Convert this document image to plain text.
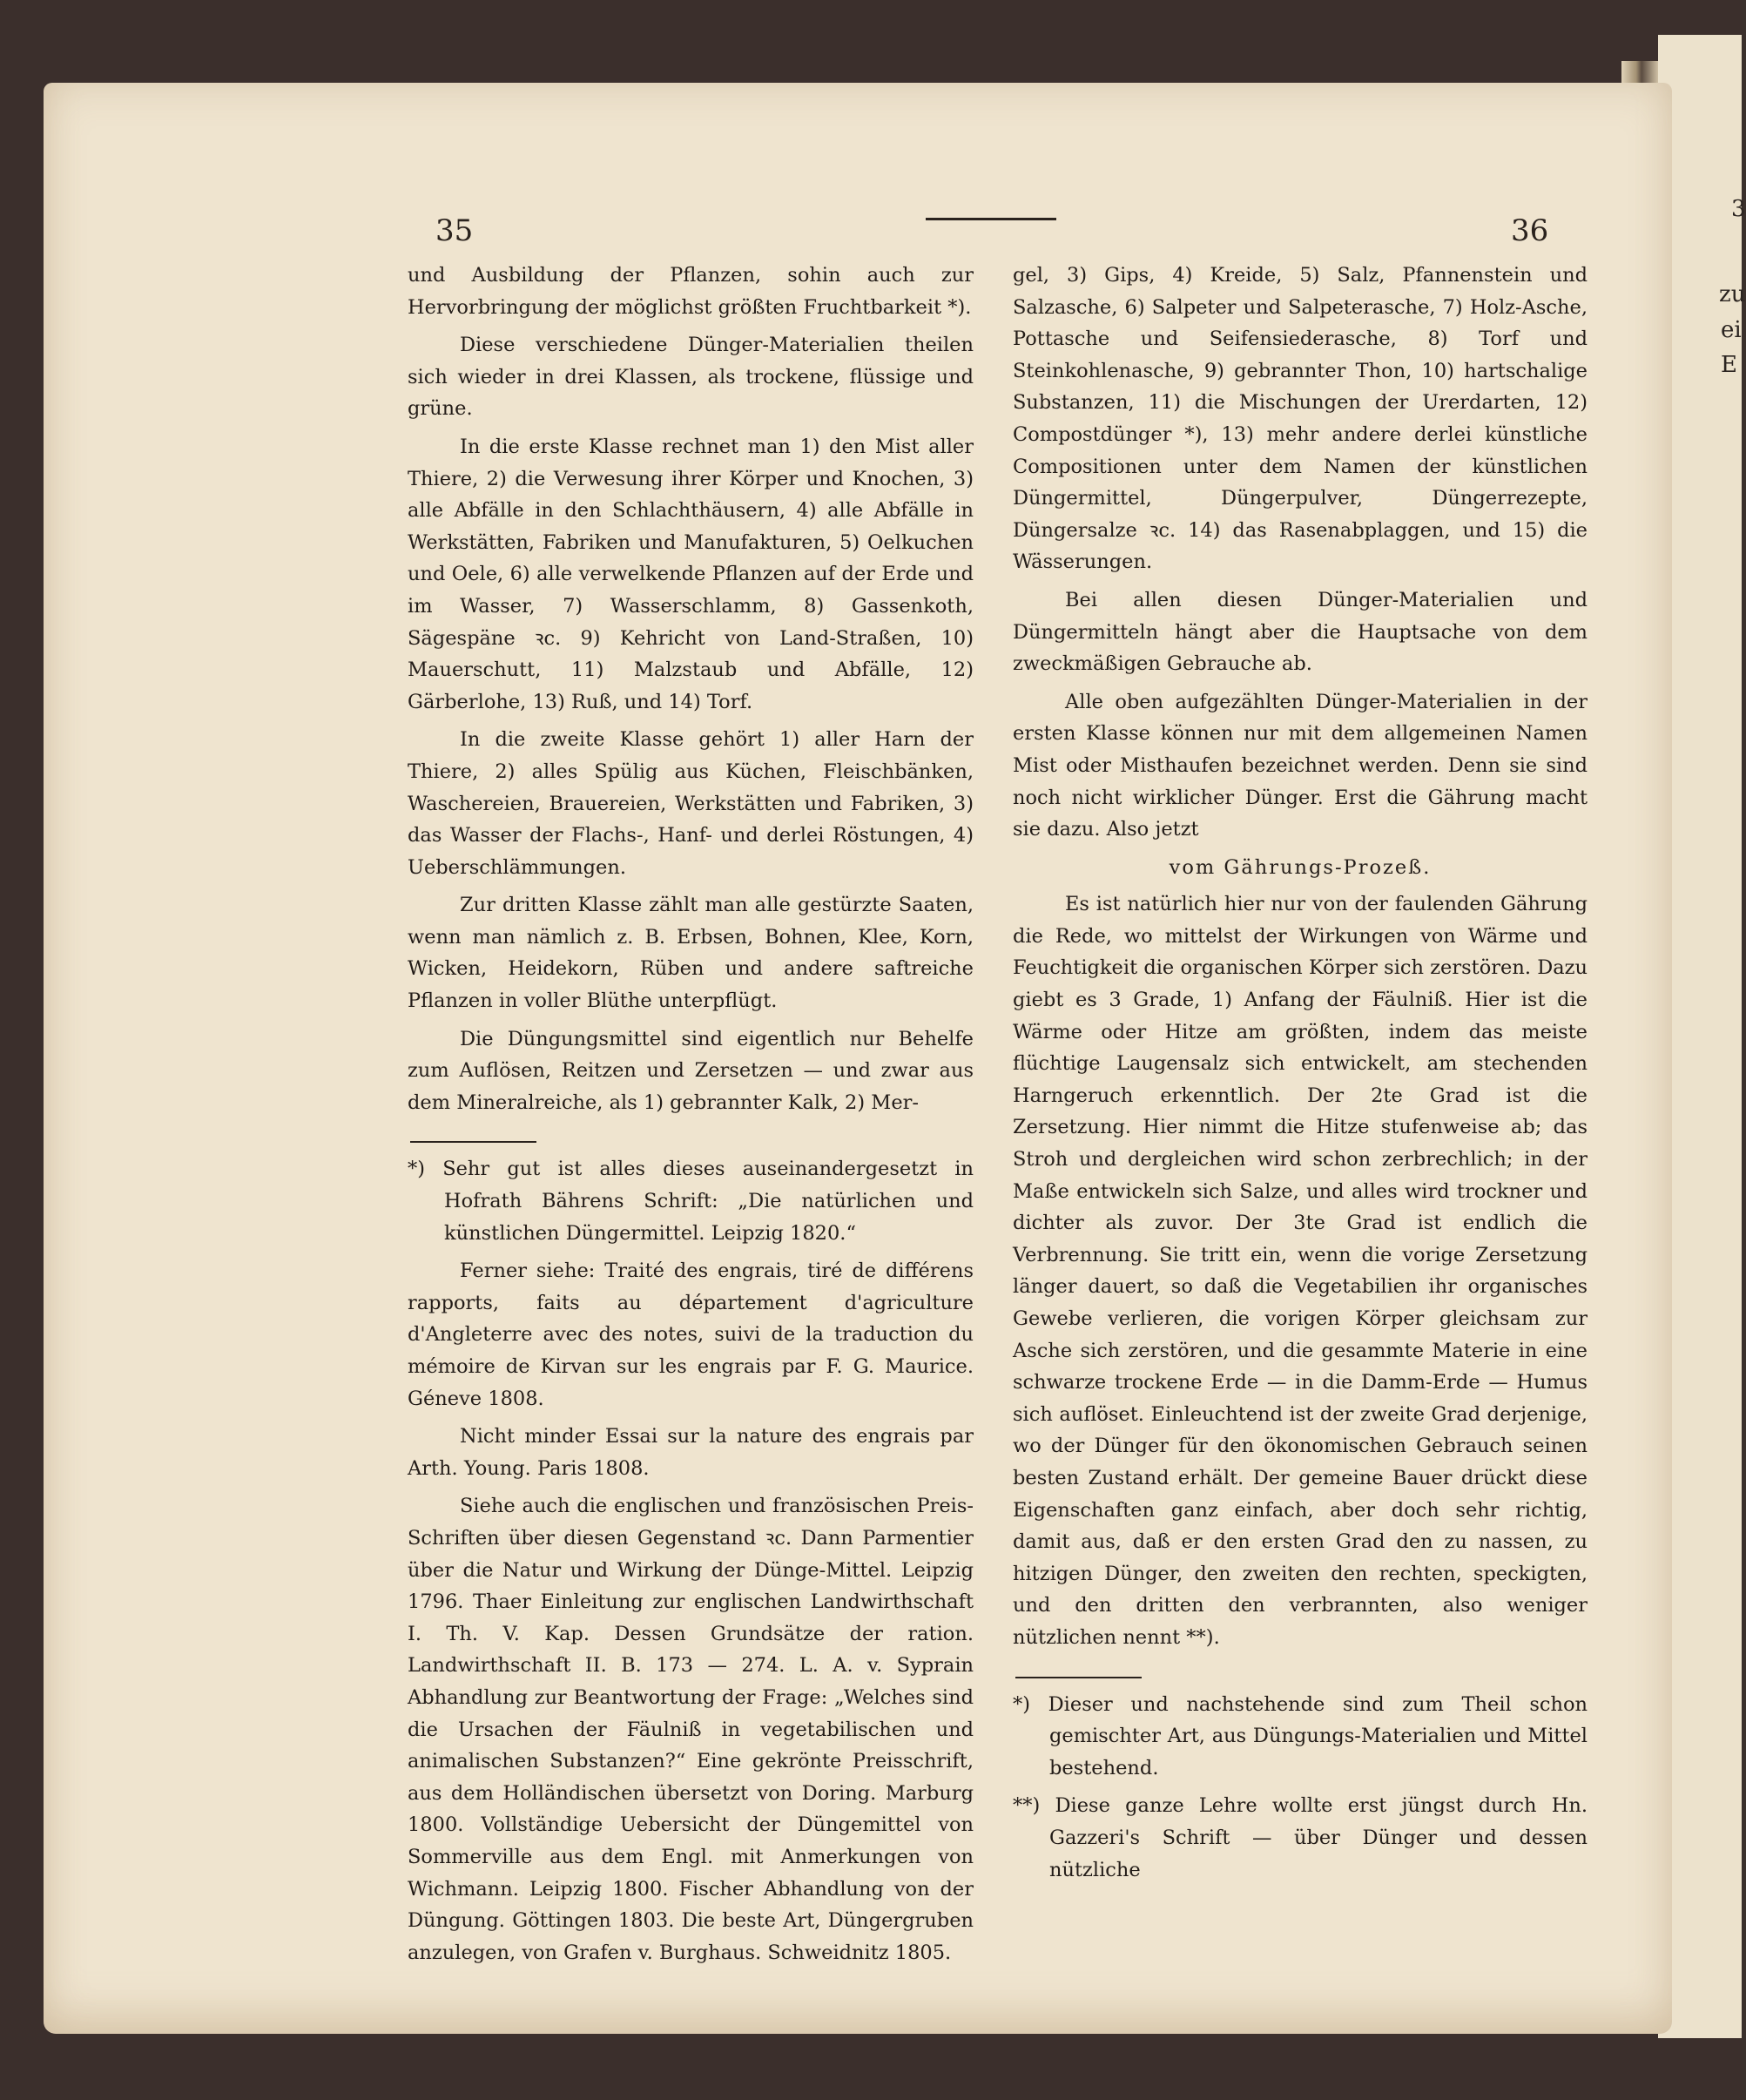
3
zu
ei
E
35	36

und Ausbildung der Pflanzen, sohin auch zur Hervorbringung der möglichst größten Fruchtbarkeit *).

Diese verschiedene Dünger-Materialien theilen sich wieder in drei Klassen, als trockene, flüssige und grüne.

In die erste Klasse rechnet man 1) den Mist aller Thiere, 2) die Verwesung ihrer Körper und Knochen, 3) alle Abfälle in den Schlachthäusern, 4) alle Abfälle in Werkstätten, Fabriken und Manufakturen, 5) Oelkuchen und Oele, 6) alle verwelkende Pflanzen auf der Erde und im Wasser, 7) Wasserschlamm, 8) Gassenkoth, Sägespäne ꝛc. 9) Kehricht von Land-Straßen, 10) Mauerschutt, 11) Malzstaub und Abfälle, 12) Gärberlohe, 13) Ruß, und 14) Torf.

In die zweite Klasse gehört 1) aller Harn der Thiere, 2) alles Spülig aus Küchen, Fleischbänken, Waschereien, Brauereien, Werkstätten und Fabriken, 3) das Wasser der Flachs-, Hanf- und derlei Röstungen, 4) Ueberschlämmungen.

Zur dritten Klasse zählt man alle gestürzte Saaten, wenn man nämlich z. B. Erbsen, Bohnen, Klee, Korn, Wicken, Heidekorn, Rüben und andere saftreiche Pflanzen in voller Blüthe unterpflügt.

Die Düngungsmittel sind eigentlich nur Behelfe zum Auflösen, Reitzen und Zersetzen — und zwar aus dem Mineralreiche, als 1) gebrannter Kalk, 2) Mer-

*) Sehr gut ist alles dieses auseinandergesetzt in Hofrath Bährens Schrift: „Die natürlichen und künstlichen Düngermittel. Leipzig 1820.“

Ferner siehe: Traité des engrais, tiré de différens rapports, faits au département d'agriculture d'Angleterre avec des notes, suivi de la traduction du mémoire de Kirvan sur les engrais par F. G. Maurice. Géneve 1808.

Nicht minder Essai sur la nature des engrais par Arth. Young. Paris 1808.

Siehe auch die englischen und französischen Preis-Schriften über diesen Gegenstand ꝛc. Dann Parmentier über die Natur und Wirkung der Dünge-Mittel. Leipzig 1796. Thaer Einleitung zur englischen Landwirthschaft I. Th. V. Kap. Dessen Grundsätze der ration. Landwirthschaft II. B. 173 — 274. L. A. v. Syprain Abhandlung zur Beantwortung der Frage: „Welches sind die Ursachen der Fäulniß in vegetabilischen und animalischen Substanzen?“ Eine gekrönte Preisschrift, aus dem Holländischen übersetzt von Doring. Marburg 1800. Vollständige Uebersicht der Düngemittel von Sommerville aus dem Engl. mit Anmerkungen von Wichmann. Leipzig 1800. Fischer Abhandlung von der Düngung. Göttingen 1803. Die beste Art, Düngergruben anzulegen, von Grafen v. Burghaus. Schweidnitz 1805.

gel, 3) Gips, 4) Kreide, 5) Salz, Pfannenstein und Salzasche, 6) Salpeter und Salpeterasche, 7) Holz-Asche, Pottasche und Seifensiederasche, 8) Torf und Steinkohlenasche, 9) gebrannter Thon, 10) hartschalige Substanzen, 11) die Mischungen der Urerdarten, 12) Compostdünger *), 13) mehr andere derlei künstliche Compositionen unter dem Namen der künstlichen Düngermittel, Düngerpulver, Düngerrezepte, Düngersalze ꝛc. 14) das Rasenabplaggen, und 15) die Wässerungen.

Bei allen diesen Dünger-Materialien und Düngermitteln hängt aber die Hauptsache von dem zweckmäßigen Gebrauche ab.

Alle oben aufgezählten Dünger-Materialien in der ersten Klasse können nur mit dem allgemeinen Namen Mist oder Misthaufen bezeichnet werden. Denn sie sind noch nicht wirklicher Dünger. Erst die Gährung macht sie dazu. Also jetzt

vom Gährungs-Prozeß.

Es ist natürlich hier nur von der faulenden Gährung die Rede, wo mittelst der Wirkungen von Wärme und Feuchtigkeit die organischen Körper sich zerstören. Dazu giebt es 3 Grade, 1) Anfang der Fäulniß. Hier ist die Wärme oder Hitze am größten, indem das meiste flüchtige Laugensalz sich entwickelt, am stechenden Harngeruch erkenntlich. Der 2te Grad ist die Zersetzung. Hier nimmt die Hitze stufenweise ab; das Stroh und dergleichen wird schon zerbrechlich; in der Maße entwickeln sich Salze, und alles wird trockner und dichter als zuvor. Der 3te Grad ist endlich die Verbrennung. Sie tritt ein, wenn die vorige Zersetzung länger dauert, so daß die Vegetabilien ihr organisches Gewebe verlieren, die vorigen Körper gleichsam zur Asche sich zerstören, und die gesammte Materie in eine schwarze trockene Erde — in die Damm-Erde — Humus sich auflöset. Einleuchtend ist der zweite Grad derjenige, wo der Dünger für den ökonomischen Gebrauch seinen besten Zustand erhält. Der gemeine Bauer drückt diese Eigenschaften ganz einfach, aber doch sehr richtig, damit aus, daß er den ersten Grad den zu nassen, zu hitzigen Dünger, den zweiten den rechten, speckigten, und den dritten den verbrannten, also weniger nützlichen nennt **).

*) Dieser und nachstehende sind zum Theil schon gemischter Art, aus Düngungs-Materialien und Mittel bestehend.

**) Diese ganze Lehre wollte erst jüngst durch Hn. Gazzeri's Schrift — über Dünger und dessen nützliche
